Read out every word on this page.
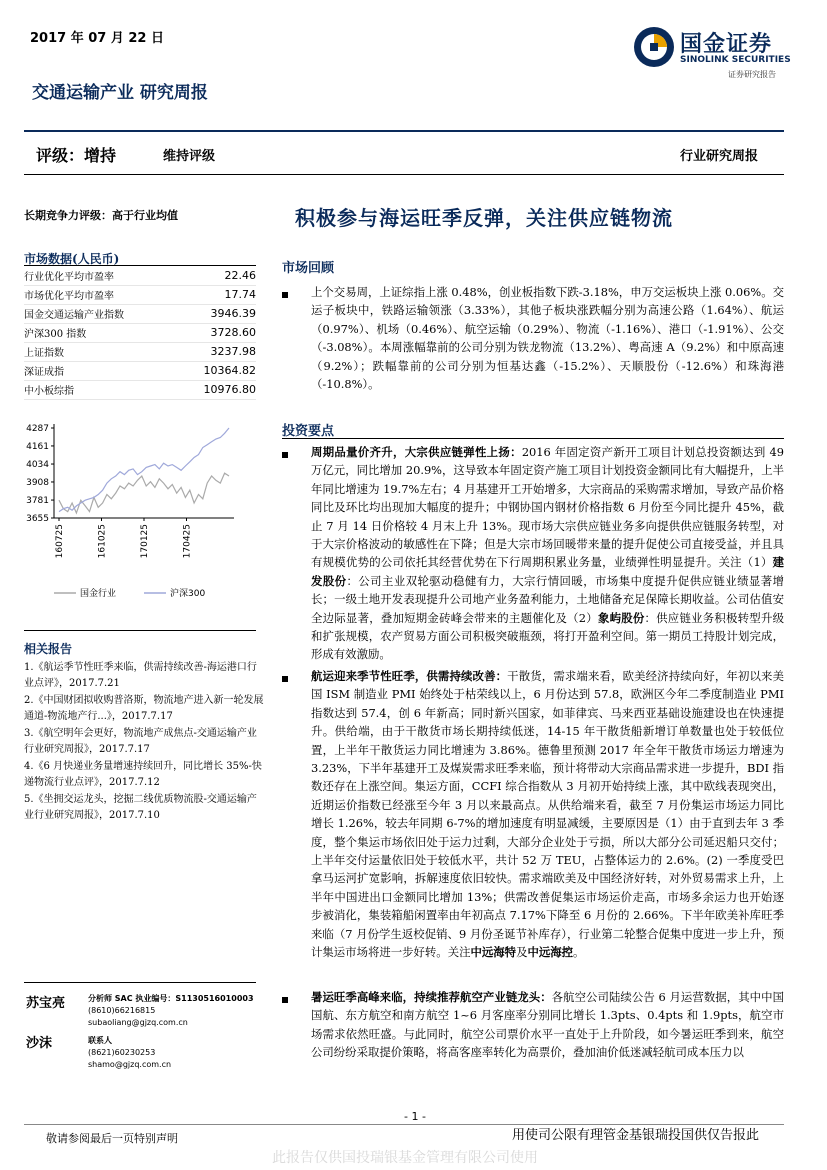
2017 年 07 月 22 日
交通运输产业 研究周报
评级：增持	维持评级	行业研究周报
国金证券
SINOLINK SECURITIES
证券研究报告
长期竞争力评级：高于行业均值
市场数据(人民币)
行业优化平均市盈率	22.46
市场优化平均市盈率	17.74
国金交通运输产业指数	3946.39
沪深300 指数	3728.60
上证指数	3237.98
深证成指	10364.82
中小板综指	10976.80
4287
4161
4034
3908
3781
3655
160725	161025	170125	170425
国金行业	沪深300
相关报告
1.《航运季节性旺季来临，供需持续改善-海运港口行业点评》，2017.7.21
2.《中国财团拟收购普洛斯，物流地产进入新一轮发展通道-物流地产行...》，2017.7.17
3.《航空明年会更好，物流地产成焦点-交通运输产业行业研究周报》，2017.7.17
4.《6 月快递业务量增速持续回升，同比增长 35%-快递物流行业点评》，2017.7.12
5.《坐拥交运龙头，挖掘二线优质物流股-交通运输产业行业研究周报》，2017.7.10
苏宝亮	分析师 SAC 执业编号：S1130516010003
(8610)66216815
subaoliang@gjzq.com.cn
沙沫	联系人
(8621)60230253
shamo@gjzq.com.cn
积极参与海运旺季反弹，关注供应链物流
市场回顾
上个交易周，上证综指上涨 0.48%，创业板指数下跌-3.18%，申万交运板块上涨 0.06%。交运子板块中，铁路运输领涨（3.33%），其他子板块涨跌幅分别为高速公路（1.64%）、航运（0.97%）、机场（0.46%）、航空运输（0.29%）、物流（-1.16%）、港口（-1.91%）、公交（-3.08%）。本周涨幅靠前的公司分别为铁龙物流（13.2%）、粤高速 A（9.2%）和中原高速（9.2%）；跌幅靠前的公司分别为恒基达鑫（-15.2%）、天顺股份（-12.6%）和珠海港（-10.8%）。
投资要点
周期品量价齐升，大宗供应链弹性上扬：2016 年固定资产新开工项目计划总投资额达到 49 万亿元，同比增加 20.9%，这导致本年固定资产施工项目计划投资金额同比有大幅提升，上半年同比增速为 19.7%左右；4 月基建开工开始增多，大宗商品的采购需求增加，导致产品价格同比及环比均出现加大幅度的提升；中钢协国内钢材价格指数 6 月份至今同比提升 45%，截止 7 月 14 日价格较 4 月末上升 13%。现市场大宗供应链业务多向提供供应链服务转型，对于大宗价格波动的敏感性在下降；但是大宗市场回暖带来量的提升促使公司直接受益，并且具有规模优势的公司依托其经营优势在下行周期积累业务量，业绩弹性明显提升。关注（1）建发股份：公司主业双轮驱动稳健有力，大宗行情回暖，市场集中度提升促供应链业绩显著增长；一级土地开发表现提升公司地产业务盈利能力，土地储备充足保障长期收益。公司估值安全边际显著，叠加短期金砖峰会带来的主题催化及（2）象屿股份：供应链业务积极转型升级和扩张规模，农产贸易方面公司积极突破瓶颈，将打开盈利空间。第一期员工持股计划完成，形成有效激励。
航运迎来季节性旺季，供需持续改善：干散货，需求端来看，欧美经济持续向好，年初以来美国 ISM 制造业 PMI 始终处于枯荣线以上，6 月份达到 57.8，欧洲区今年二季度制造业 PMI 指数达到 57.4，创 6 年新高；同时新兴国家，如菲律宾、马来西亚基础设施建设也在快速提升。供给端，由于干散货市场长期持续低迷，14-15 年干散货船新增订单数量也处于较低位置，上半年干散货运力同比增速为 3.86%。德鲁里预测 2017 年全年干散货市场运力增速为 3.23%，下半年基建开工及煤炭需求旺季来临，预计将带动大宗商品需求进一步提升，BDI 指数还存在上涨空间。集运方面，CCFI 综合指数从 3 月初开始持续上涨，其中欧线表现突出，近期运价指数已经涨至今年 3 月以来最高点。从供给端来看，截至 7 月份集运市场运力同比增长 1.26%，较去年同期 6-7%的增加速度有明显减缓，主要原因是（1）由于直到去年 3 季度，整个集运市场依旧处于运力过剩，大部分企业处于亏损，所以大部分公司延迟船只交付；上半年交付运量依旧处于较低水平，共计 52 万 TEU，占整体运力的 2.6%。(2) 一季度受巴拿马运河扩宽影响，拆解速度依旧较快。需求端欧美及中国经济好转，对外贸易需求上升，上半年中国进出口金额同比增加 13%；供需改善促集运市场运价走高，市场多余运力也开始逐步被消化，集装箱船闲置率由年初高点 7.17%下降至 6 月份的 2.66%。下半年欧美补库旺季来临（7 月份学生返校促销、9 月份圣诞节补库存），行业第二轮整合促集中度进一步上升，预计集运市场将进一步好转。关注中远海特及中远海控。
暑运旺季高峰来临，持续推荐航空产业链龙头：各航空公司陆续公告 6 月运营数据，其中中国国航、东方航空和南方航空 1~6 月客座率分别同比增长 1.3pts、0.4pts 和 1.9pts，航空市场需求依然旺盛。与此同时，航空公司票价水平一直处于上升阶段，如今暑运旺季到来，航空公司纷纷采取提价策略，将高客座率转化为高票价，叠加油价低迷减轻航司成本压力以
- 1 -
敬请参阅最后一页特别声明	用使司公限有理管金基银瑞投国供仅告报此
此报告仅供国投瑞银基金管理有限公司使用
